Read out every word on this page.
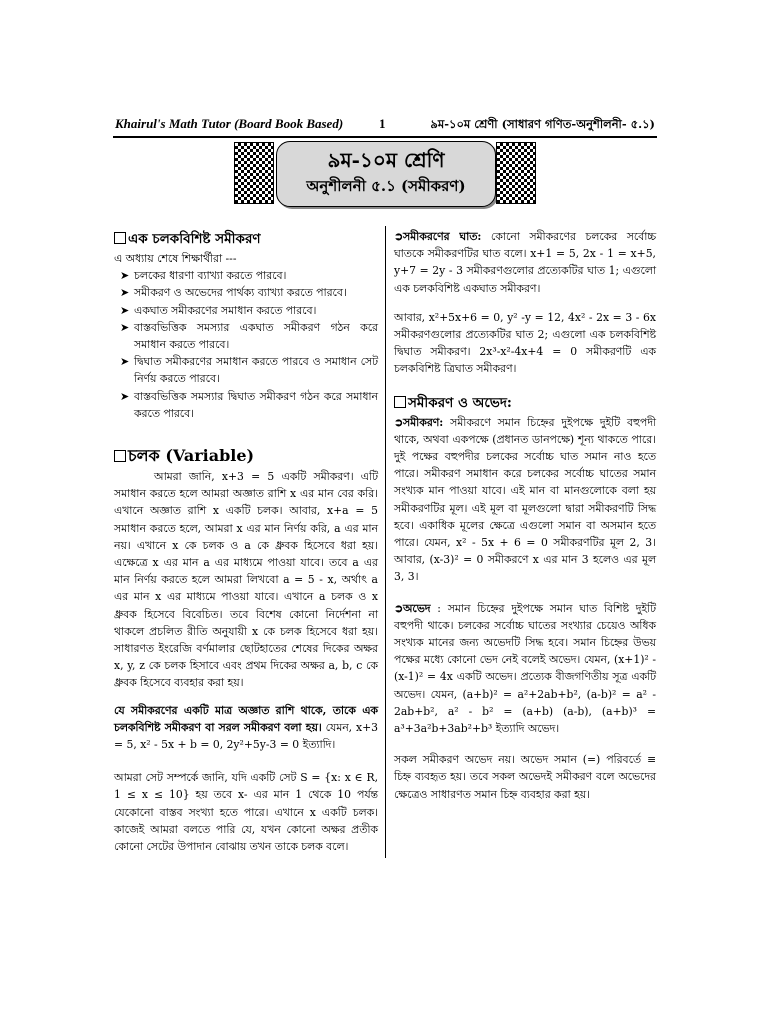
Khairul's Math Tutor (Board Book Based)	1	৯ম-১০ম শ্রেণী (সাধারণ গণিত-অনুশীলনী- ৫.১)
৯ম-১০ম শ্রেণি
অনুশীলনী ৫.১ (সমীকরণ)
এক চলকবিশিষ্ট সমীকরণ

এ অধ্যায় শেষে শিক্ষার্থীরা ---

➤ চলকের ধারণা ব্যাখ্যা করতে পারবে।
➤ সমীকরণ ও অভেদের পার্থক্য ব্যাখ্যা করতে পারবে।
➤ একঘাত সমীকরণের সমাধান করতে পারবে।
➤ বাস্তবভিত্তিক সমস্যার একঘাত সমীকরণ গঠন করে সমাধান করতে পারবে।
➤ দ্বিঘাত সমীকরণের সমাধান করতে পারবে ও সমাধান সেট নির্ণয় করতে পারবে।
➤ বাস্তবভিত্তিক সমস্যার দ্বিঘাত সমীকরণ গঠন করে সমাধান করতে পারবে।
চলক (Variable)

আমরা জানি, x+3 = 5 একটি সমীকরণ। এটি সমাধান করতে হলে আমরা অজ্ঞাত রাশি x এর মান বের করি। এখানে অজ্ঞাত রাশি x একটি চলক। আবার, x+a = 5 সমাধান করতে হলে, আমরা x এর মান নির্ণয় করি, a এর মান নয়। এখানে x কে চলক ও a কে ধ্রুবক হিসেবে ধরা হয়। এক্ষেত্রে x এর মান a এর মাধ্যমে পাওয়া যাবে। তবে a এর মান নির্ণয় করতে হলে আমরা লিখবো a = 5 - x, অর্থাৎ a এর মান x এর মাধ্যমে পাওয়া যাবে। এখানে a চলক ও x ধ্রুবক হিসেবে বিবেচিত। তবে বিশেষ কোনো নির্দেশনা না থাকলে প্রচলিত রীতি অনুযায়ী x কে চলক হিসেবে ধরা হয়। সাধারণত ইংরেজি বর্ণমালার ছোটহাতের শেষের দিকের অক্ষর x, y, z কে চলক হিসাবে এবং প্রথম দিকের অক্ষর a, b, c কে ধ্রুবক হিসেবে ব্যবহার করা হয়।

যে সমীকরণের একটি মাত্র অজ্ঞাত রাশি থাকে, তাকে এক চলকবিশিষ্ট সমীকরণ বা সরল সমীকরণ বলা হয়। যেমন, x+3 = 5, x² - 5x + b = 0, 2y²+5y-3 = 0 ইত্যাদি।

আমরা সেট সম্পর্কে জানি, যদি একটি সেট S = {x: x ∈ R, 1 ≤ x ≤ 10} হয় তবে x- এর মান 1 থেকে 10 পর্যন্ত যেকোনো বাস্তব সংখ্যা হতে পারে। এখানে x একটি চলক। কাজেই আমরা বলতে পারি যে, যখন কোনো অক্ষর প্রতীক কোনো সেটের উপাদান বোঝায় তখন তাকে চলক বলে।

➲সমীকরণের ঘাত: কোনো সমীকরণের চলকের সর্বোচ্চ ঘাতকে সমীকরণটির ঘাত বলে। x+1 = 5, 2x - 1 = x+5, y+7 = 2y - 3 সমীকরণগুলোর প্রত্যেকটির ঘাত 1; এগুলো এক চলকবিশিষ্ট একঘাত সমীকরণ।

আবার, x²+5x+6 = 0, y² -y = 12, 4x² - 2x = 3 - 6x সমীকরণগুলোর প্রত্যেকটির ঘাত 2; এগুলো এক চলকবিশিষ্ট দ্বিঘাত সমীকরণ। 2x³-x²-4x+4 = 0 সমীকরণটি এক চলকবিশিষ্ট ত্রিঘাত সমীকরণ।

সমীকরণ ও অভেদ:

➲সমীকরণ: সমীকরণে সমান চিহ্নের দুইপক্ষে দুইটি বহুপদী থাকে, অথবা একপক্ষে (প্রধানত ডানপক্ষে) শূন্য থাকতে পারে। দুই পক্ষের বহুপদীর চলকের সর্বোচ্চ ঘাত সমান নাও হতে পারে। সমীকরণ সমাধান করে চলকের সর্বোচ্চ ঘাতের সমান সংখ্যক মান পাওয়া যাবে। এই মান বা মানগুলোকে বলা হয় সমীকরণটির মূল। এই মূল বা মূলগুলো দ্বারা সমীকরণটি সিদ্ধ হবে। একাধিক মূলের ক্ষেত্রে এগুলো সমান বা অসমান হতে পারে। যেমন, x² - 5x + 6 = 0 সমীকরণটির মূল 2, 3। আবার, (x-3)² = 0 সমীকরণে x এর মান 3 হলেও এর মূল 3, 3।

➲অভেদ : সমান চিহ্নের দুইপক্ষে সমান ঘাত বিশিষ্ট দুইটি বহুপদী থাকে। চলকের সর্বোচ্চ ঘাতের সংখ্যার চেয়েও অধিক সংখ্যক মানের জন্য অভেদটি সিদ্ধ হবে। সমান চিহ্নের উভয় পক্ষের মধ্যে কোনো ভেদ নেই বলেই অভেদ। যেমন, (x+1)² - (x-1)² = 4x একটি অভেদ। প্রত্যেক বীজগণিতীয় সূত্র একটি অভেদ। যেমন, (a+b)² = a²+2ab+b², (a-b)² = a² - 2ab+b², a² - b² = (a+b) (a-b), (a+b)³ = a³+3a²b+3ab²+b³ ইত্যাদি অভেদ।

সকল সমীকরণ অভেদ নয়। অভেদ সমান (=) পরিবর্তে ≡ চিহ্ন ব্যবহৃত হয়। তবে সকল অভেদই সমীকরণ বলে অভেদের ক্ষেত্রেও সাধারণত সমান চিহ্ন ব্যবহার করা হয়।
